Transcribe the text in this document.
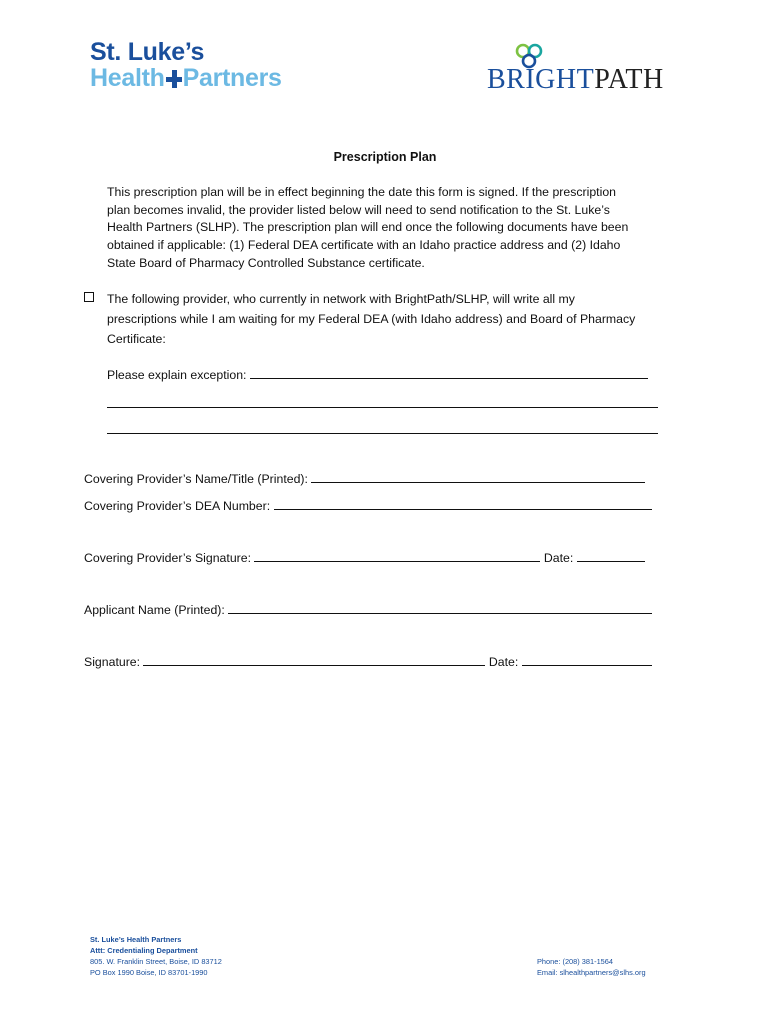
St. Luke’s
Health Partners	BRIGHTPATH
Prescription Plan
This prescription plan will be in effect beginning the date this form is signed. If the prescription
plan becomes invalid, the provider listed below will need to send notification to the St. Luke’s
Health Partners (SLHP). The prescription plan will end once the following documents have been
obtained if applicable: (1) Federal DEA certificate with an Idaho practice address and (2) Idaho
State Board of Pharmacy Controlled Substance certificate.
The following provider, who currently in network with BrightPath/SLHP, will write all my
prescriptions while I am waiting for my Federal DEA (with Idaho address) and Board of Pharmacy
Certificate:
Please explain exception:
Covering Provider’s Name/Title (Printed):
Covering Provider’s DEA Number:
Covering Provider’s Signature:	Date:
Applicant Name (Printed):
Signature:	Date:
St. Luke’s Health Partners
Attt: Credentialing Department
805. W. Franklin Street, Boise, ID 83712
PO Box 1990 Boise, ID 83701-1990
Phone: (208) 381-1564
Email: slhealthpartners@slhs.org
